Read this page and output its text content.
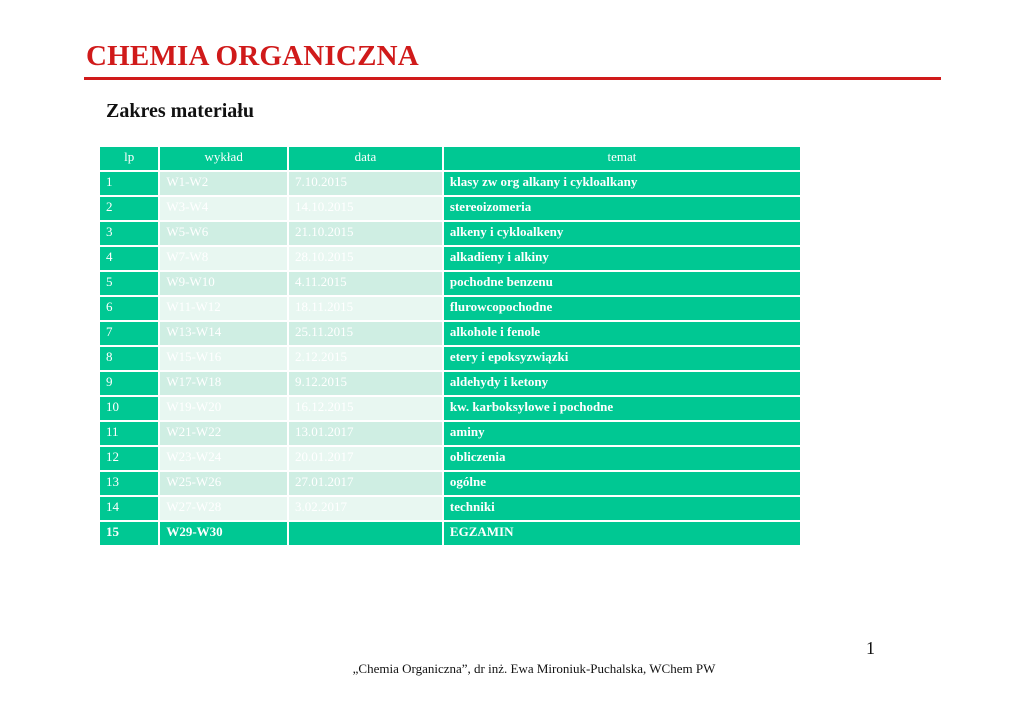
CHEMIA ORGANICZNA
Zakres materiału
lp	wykład	data	temat
1	W1-W2	7.10.2015	klasy zw org alkany i cykloalkany
2	W3-W4	14.10.2015	stereoizomeria
3	W5-W6	21.10.2015	alkeny i cykloalkeny
4	W7-W8	28.10.2015	alkadieny i alkiny
5	W9-W10	4.11.2015	pochodne benzenu
6	W11-W12	18.11.2015	flurowcopochodne
7	W13-W14	25.11.2015	alkohole i fenole
8	W15-W16	2.12.2015	etery i epoksyzwiązki
9	W17-W18	9.12.2015	aldehydy i ketony
10	W19-W20	16.12.2015	kw. karboksylowe i pochodne
11	W21-W22	13.01.2017	aminy
12	W23-W24	20.01.2017	obliczenia
13	W25-W26	27.01.2017	ogólne
14	W27-W28	3.02.2017	techniki
15	W29-W30		EGZAMIN
1
„Chemia Organiczna”, dr inż. Ewa Mironiuk-Puchalska, WChem PW
